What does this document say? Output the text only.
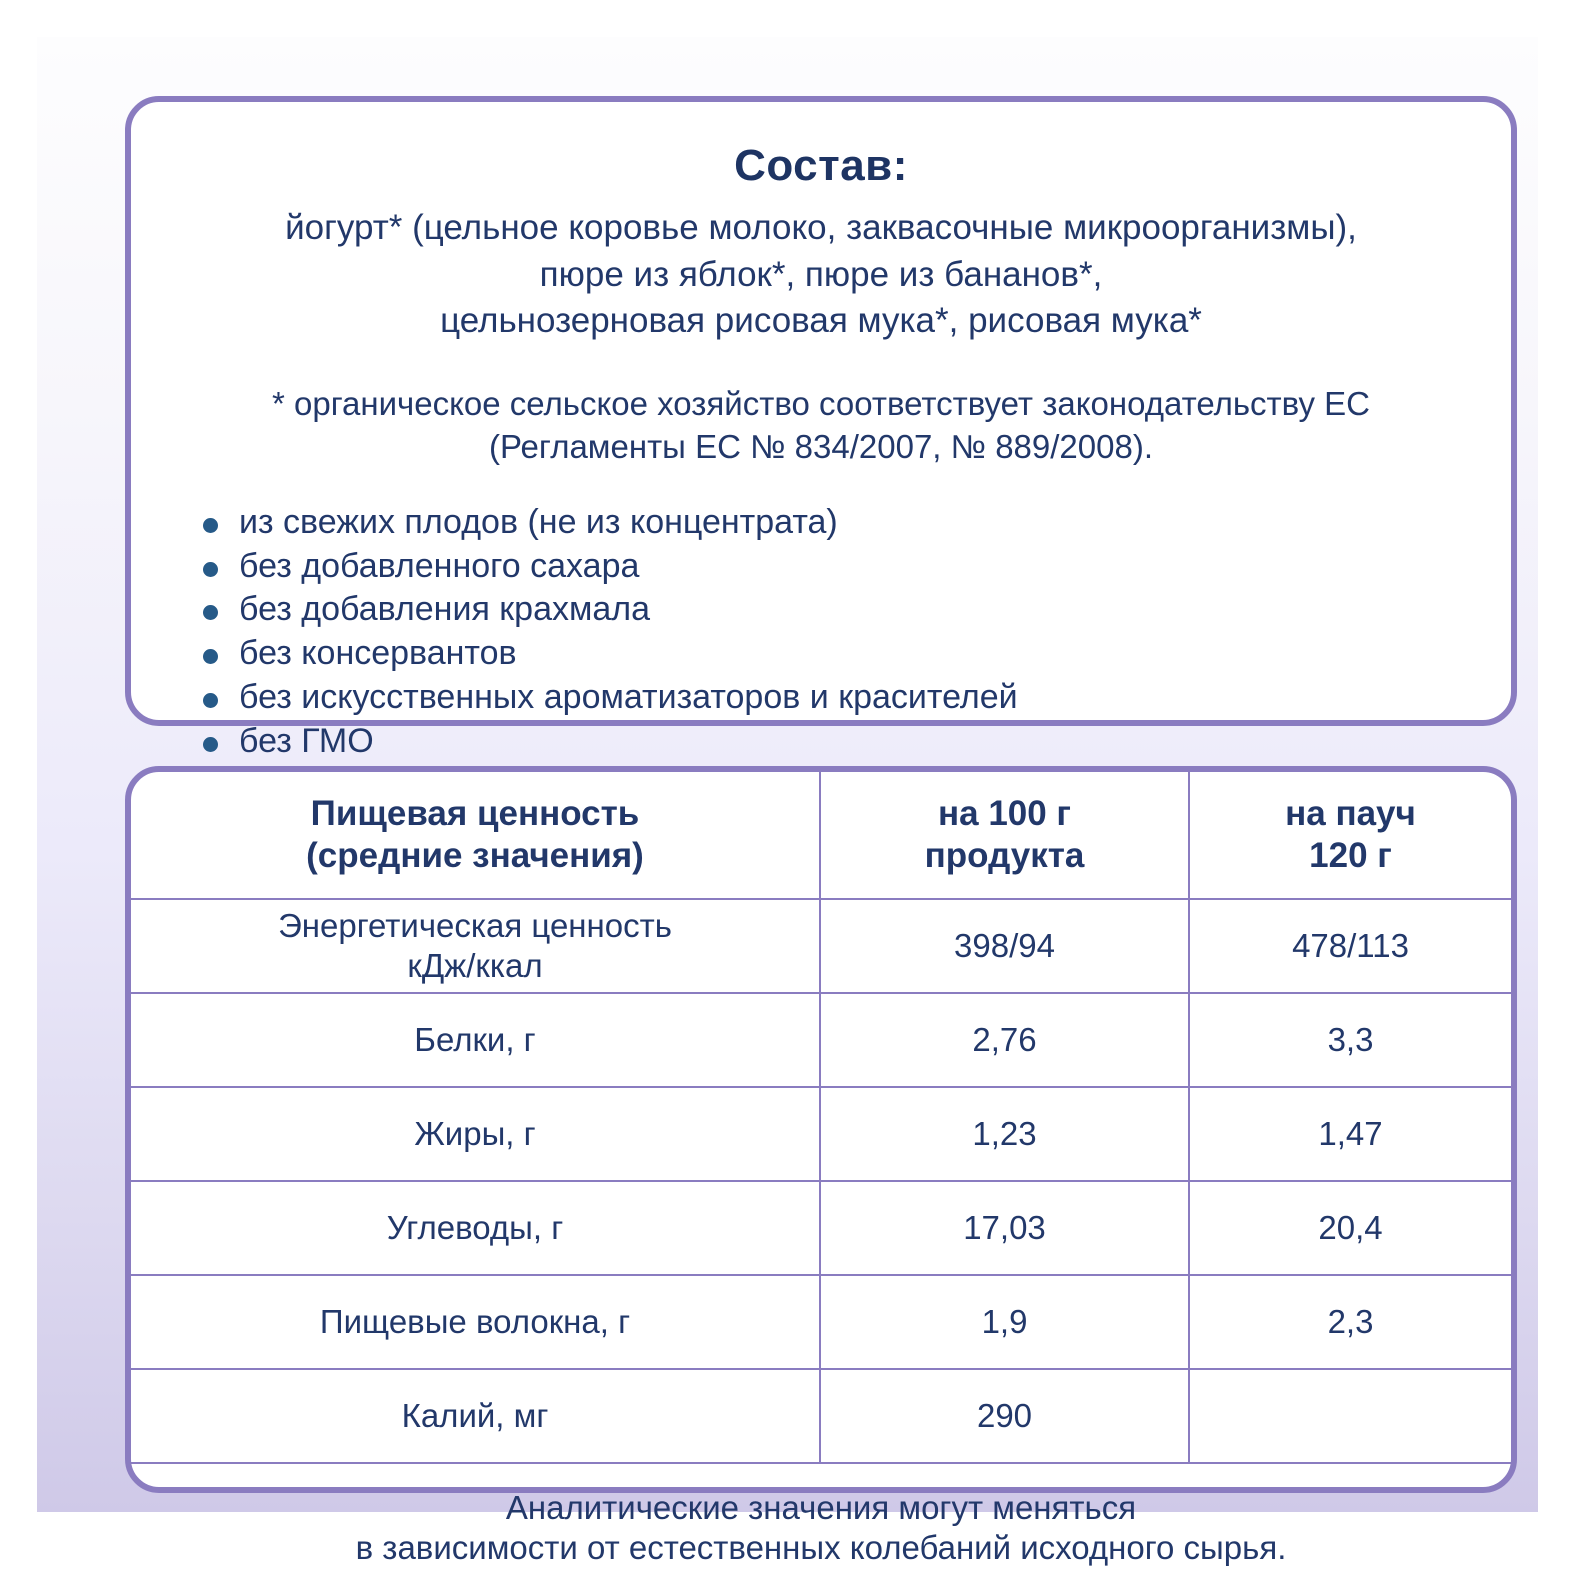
Состав:
йогурт* (цельное коровье молоко, заквасочные микроорганизмы),
пюре из яблок*, пюре из бананов*,
цельнозерновая рисовая мука*, рисовая мука*
* органическое сельское хозяйство соответствует законодательству ЕС
(Регламенты ЕС № 834/2007, № 889/2008).
из свежих плодов (не из концентрата)
без добавленного сахара
без добавления крахмала
без консервантов
без искусственных ароматизаторов и красителей
без ГМО
Пищевая ценность
(средние значения)

на 100 г
продукта

на пауч
120 г

Энергетическая ценность
кДж/ккал	398/94	478/113
Белки, г	2,76	3,3
Жиры, г	1,23	1,47
Углеводы, г	17,03	20,4
Пищевые волокна, г	1,9	2,3
Калий, мг	290	

Аналитические значения могут меняться
в зависимости от естественных колебаний исходного сырья.		
